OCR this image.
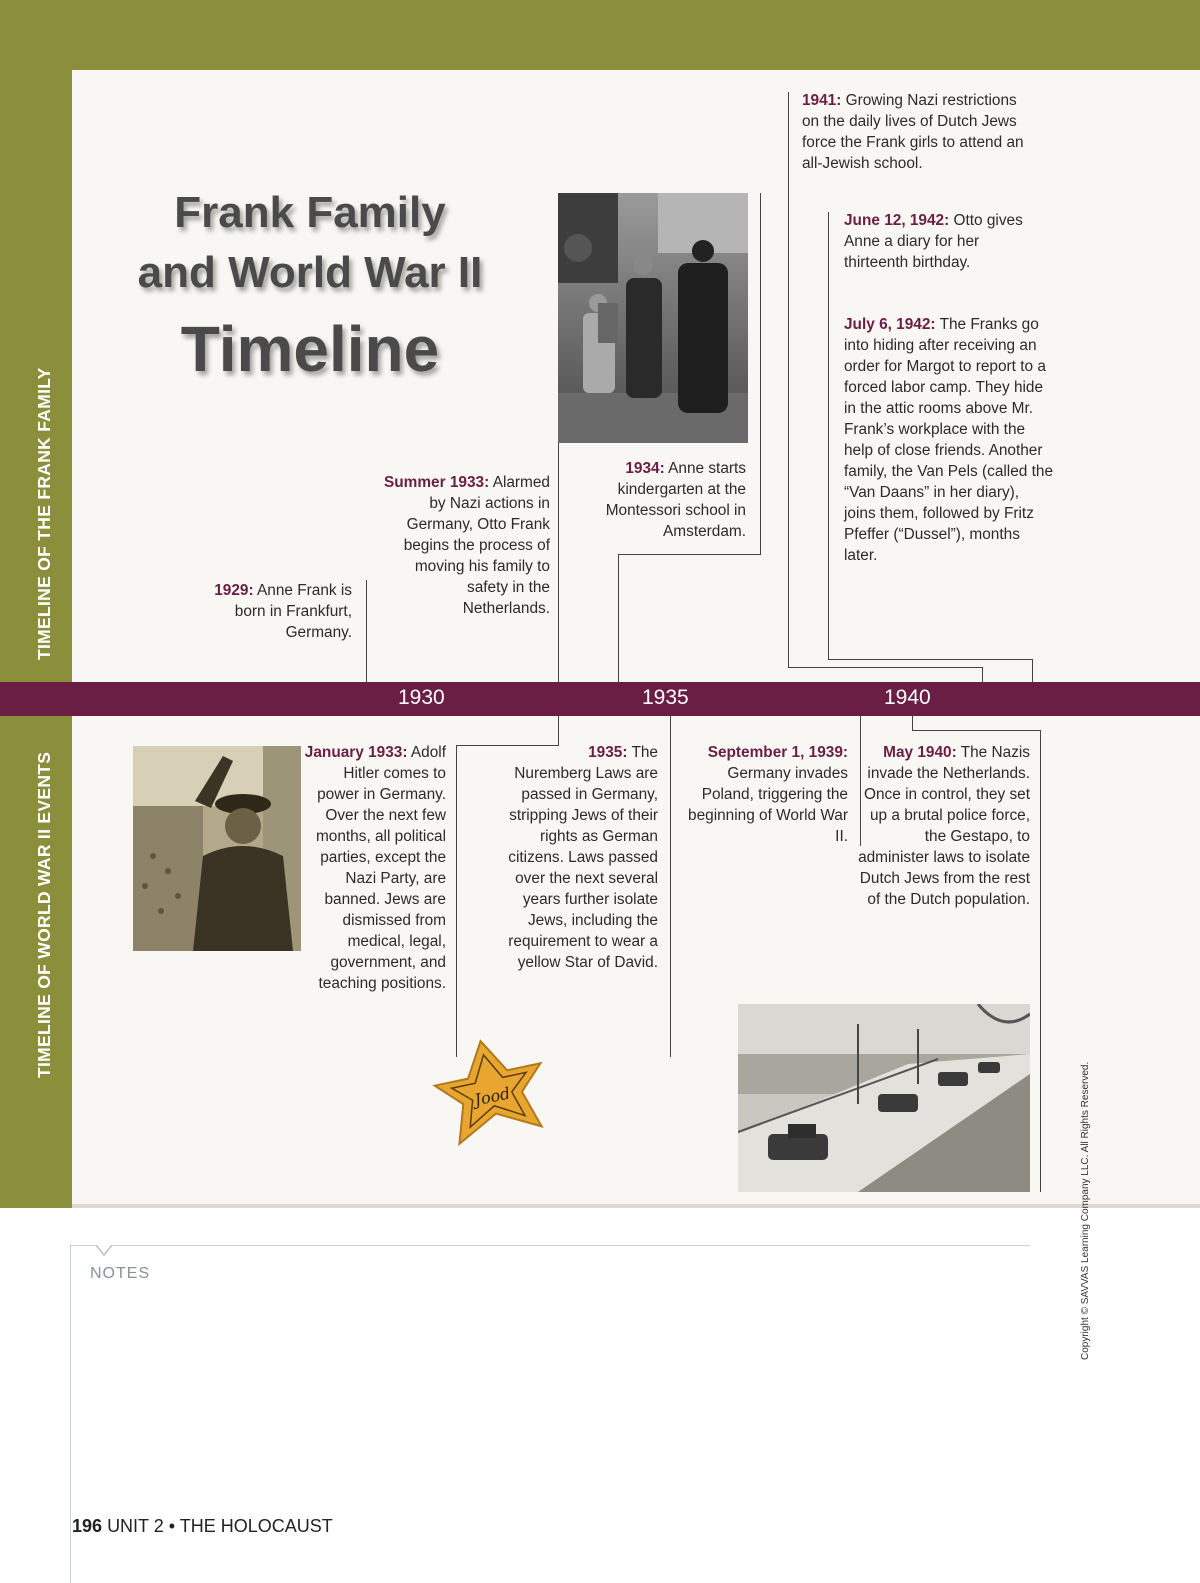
TIMELINE OF THE FRANK FAMILY
TIMELINE OF WORLD WAR II EVENTS
Frank Family
and World War II
Timeline
1929: Anne Frank is born in Frankfurt, Germany.
Summer 1933: Alarmed by Nazi actions in Germany, Otto Frank begins the process of moving his family to safety in the Netherlands.
1934: Anne starts kindergarten at the Montessori school in Amsterdam.
1941: Growing Nazi restrictions on the daily lives of Dutch Jews force the Frank girls to attend an all-Jewish school.
June 12, 1942: Otto gives Anne a diary for her thirteenth birthday.
July 6, 1942: The Franks go into hiding after receiving an order for Margot to report to a forced labor camp. They hide in the attic rooms above Mr. Frank’s workplace with the help of close friends. Another family, the Van Pels (called the “Van Daans” in her diary), joins them, followed by Fritz Pfeffer (“Dussel”), months later.
1930	1935	1940
January 1933: Adolf Hitler comes to power in Germany. Over the next few months, all political parties, except the Nazi Party, are banned. Jews are dismissed from medical, legal, government, and teaching positions.
Jood
1935: The Nuremberg Laws are passed in Germany, stripping Jews of their rights as German citizens. Laws passed over the next several years further isolate Jews, including the requirement to wear a yellow Star of David.
September 1, 1939: Germany invades Poland, triggering the beginning of World War II.
May 1940: The Nazis invade the Netherlands. Once in control, they set up a brutal police force, the Gestapo, to administer laws to isolate Dutch Jews from the rest of the Dutch population.
NOTES
196 UNIT 2 • THE HOLOCAUST
Copyright © SAVVAS Learning Company LLC. All Rights Reserved.
